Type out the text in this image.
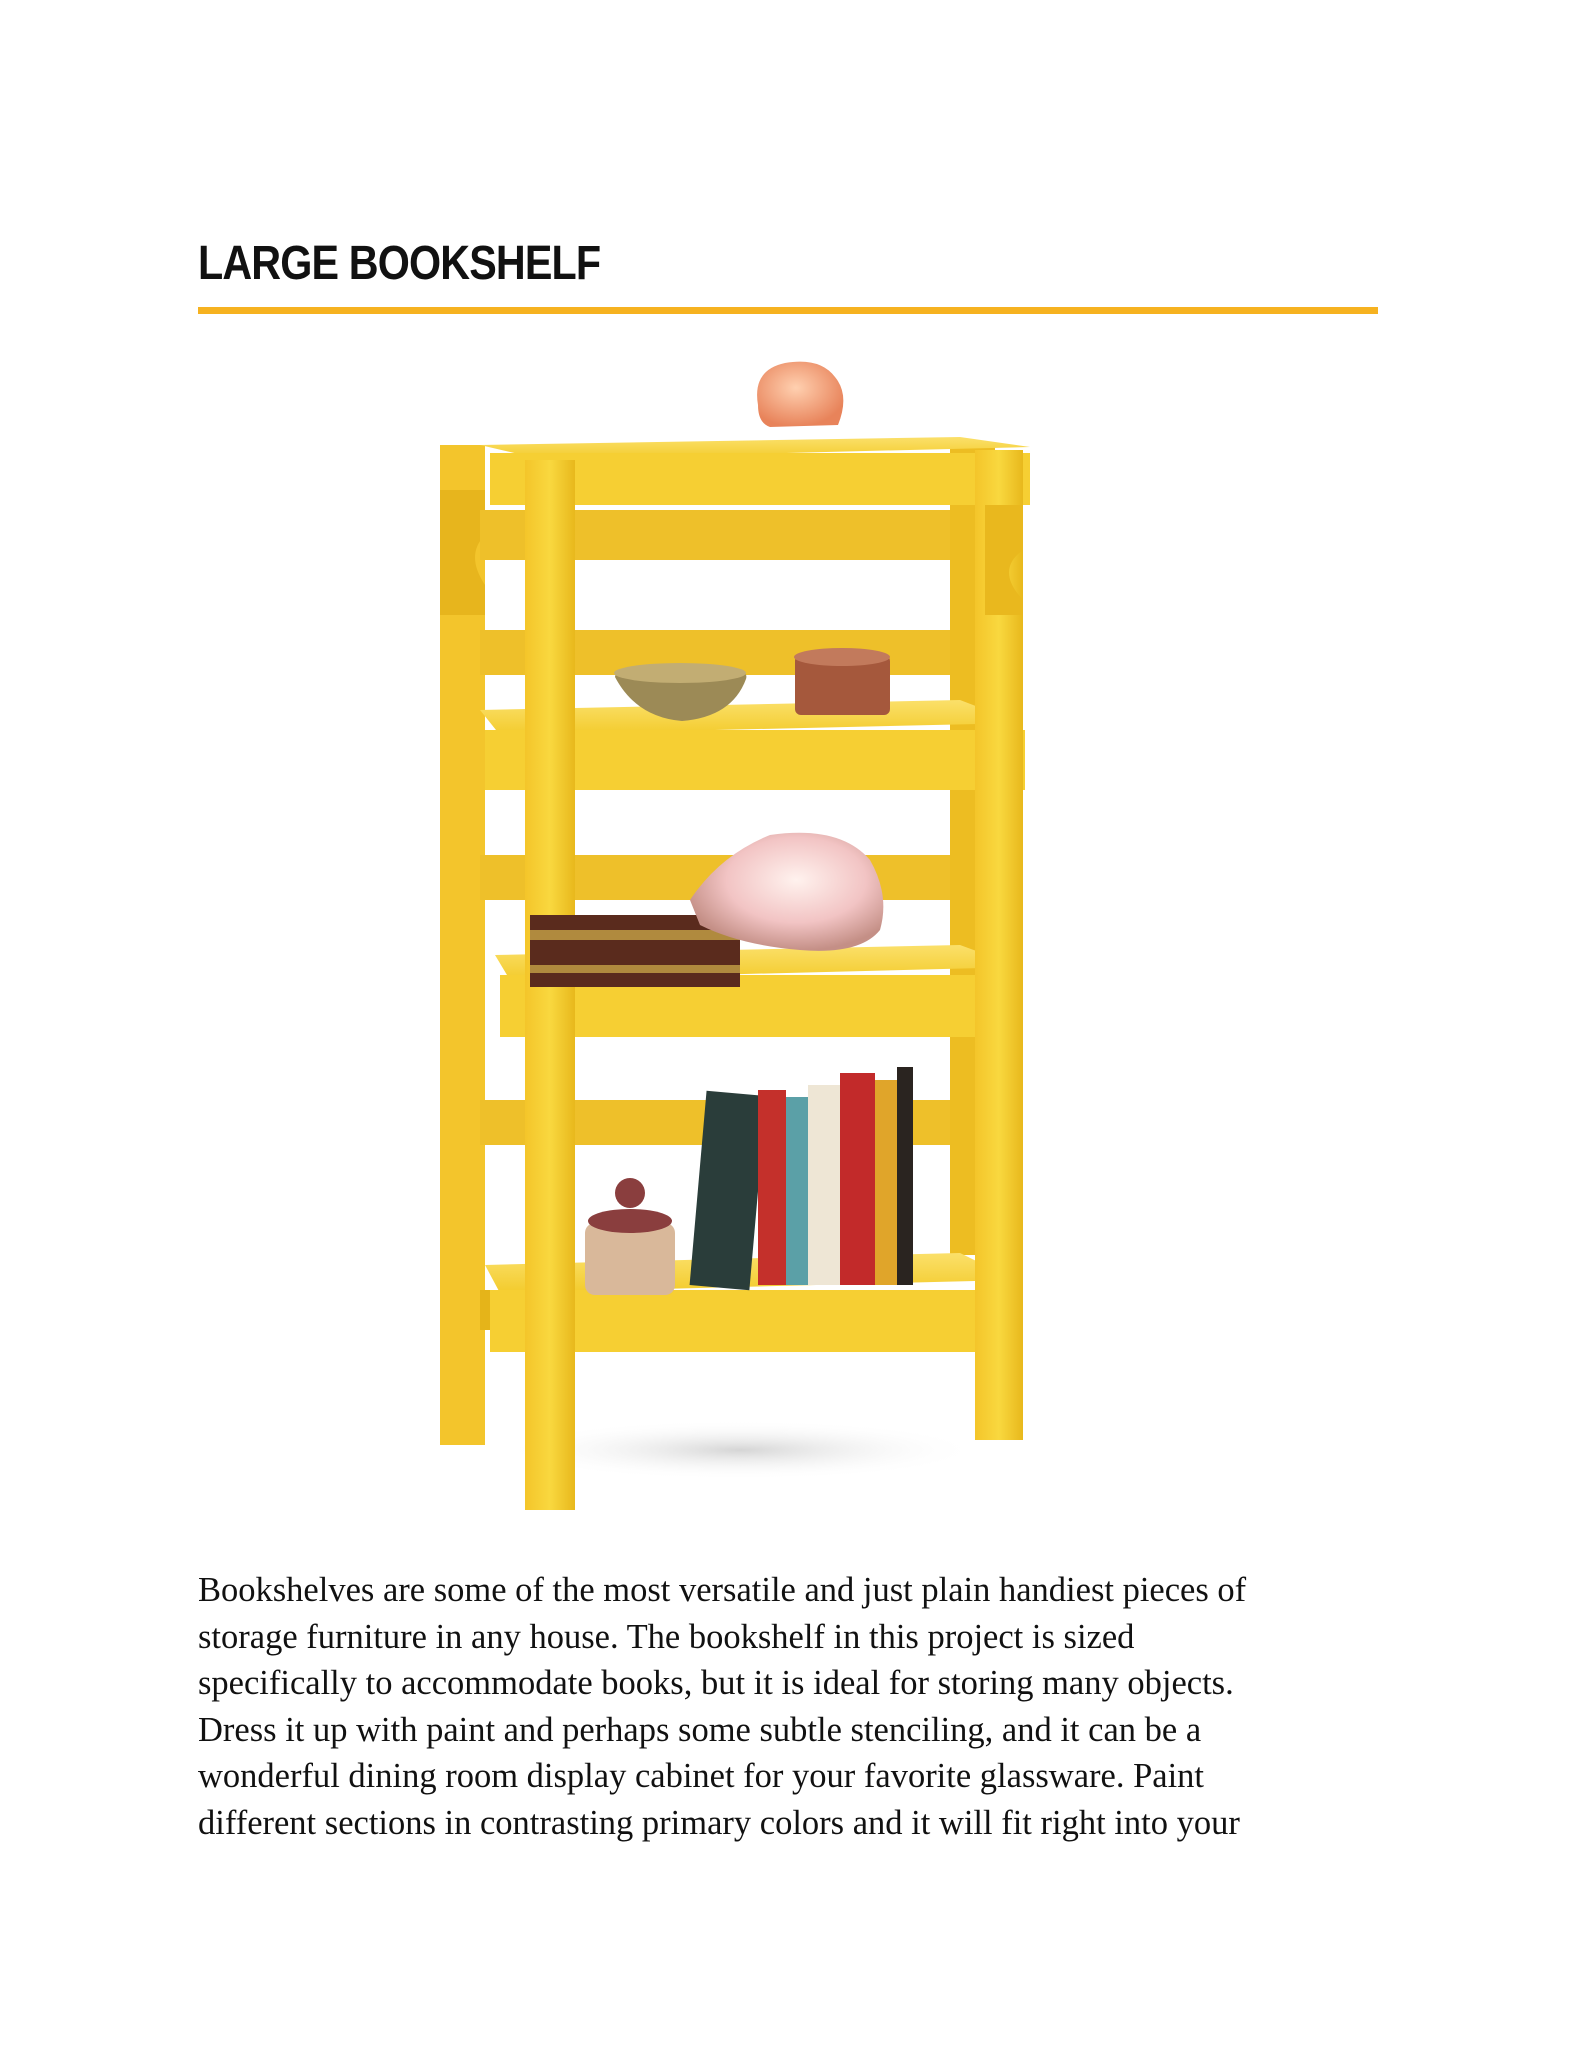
LARGE BOOKSHELF

Bookshelves are some of the most versatile and just plain handiest pieces of
storage furniture in any house. The bookshelf in this project is sized
specifically to accommodate books, but it is ideal for storing many objects.
Dress it up with paint and perhaps some subtle stenciling, and it can be a
wonderful dining room display cabinet for your favorite glassware. Paint
different sections in contrasting primary colors and it will fit right into your
